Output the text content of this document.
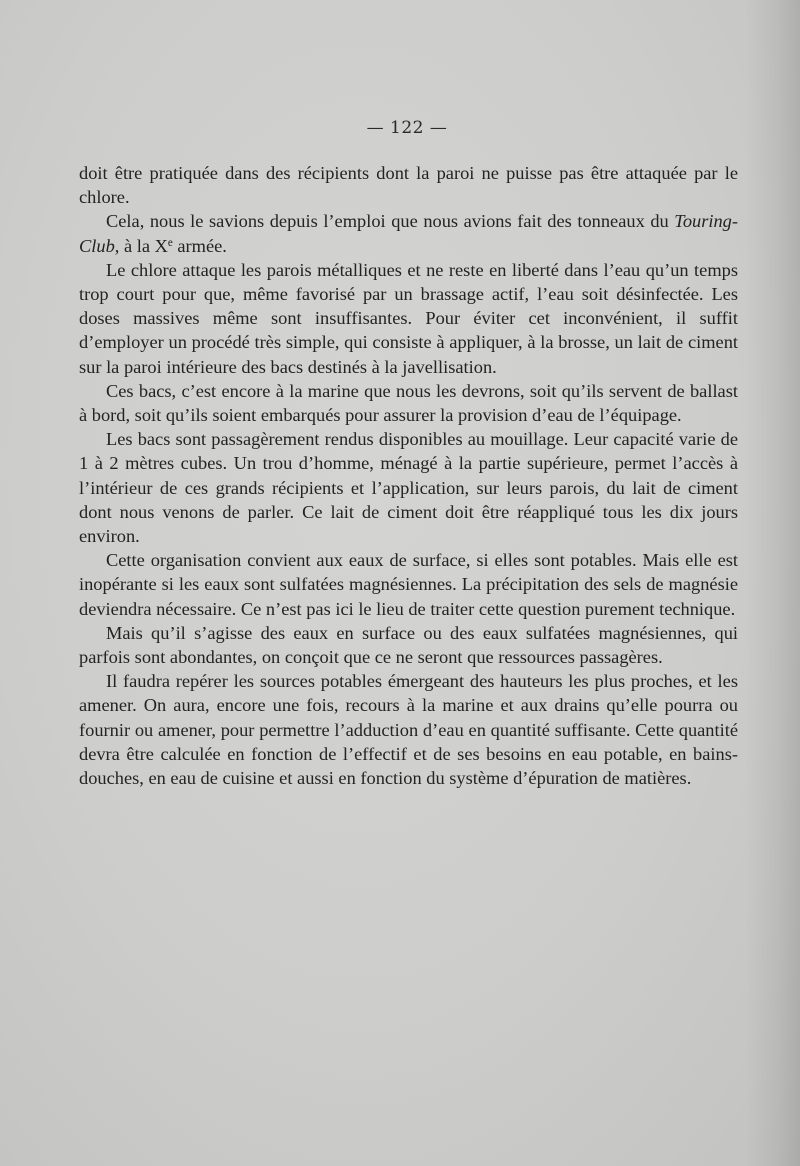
— 122 —

doit être pratiquée dans des récipients dont la paroi ne puisse pas être attaquée par le chlore.

Cela, nous le savions depuis l’emploi que nous avions fait des tonneaux du Touring-Club, à la Xe armée.

Le chlore attaque les parois métalliques et ne reste en liberté dans l’eau qu’un temps trop court pour que, même favorisé par un brassage actif, l’eau soit désinfectée. Les doses massives même sont insuffisantes. Pour éviter cet inconvénient, il suffit d’employer un procédé très simple, qui consiste à appliquer, à la brosse, un lait de ciment sur la paroi intérieure des bacs destinés à la javellisation.

Ces bacs, c’est encore à la marine que nous les devrons, soit qu’ils servent de ballast à bord, soit qu’ils soient embarqués pour assurer la provision d’eau de l’équipage.

Les bacs sont passagèrement rendus disponibles au mouillage. Leur capacité varie de 1 à 2 mètres cubes. Un trou d’homme, ménagé à la partie supérieure, permet l’accès à l’intérieur de ces grands récipients et l’application, sur leurs parois, du lait de ciment dont nous venons de parler. Ce lait de ciment doit être réappliqué tous les dix jours environ.

Cette organisation convient aux eaux de surface, si elles sont potables. Mais elle est inopérante si les eaux sont sulfatées magnésiennes. La précipitation des sels de magnésie deviendra nécessaire. Ce n’est pas ici le lieu de traiter cette question purement technique.

Mais qu’il s’agisse des eaux en surface ou des eaux sulfatées magnésiennes, qui parfois sont abondantes, on conçoit que ce ne seront que ressources passagères.

Il faudra repérer les sources potables émergeant des hauteurs les plus proches, et les amener. On aura, encore une fois, recours à la marine et aux drains qu’elle pourra ou fournir ou amener, pour permettre l’adduction d’eau en quantité suffisante. Cette quantité devra être calculée en fonction de l’effectif et de ses besoins en eau potable, en bains-douches, en eau de cuisine et aussi en fonction du système d’épuration de matières.
